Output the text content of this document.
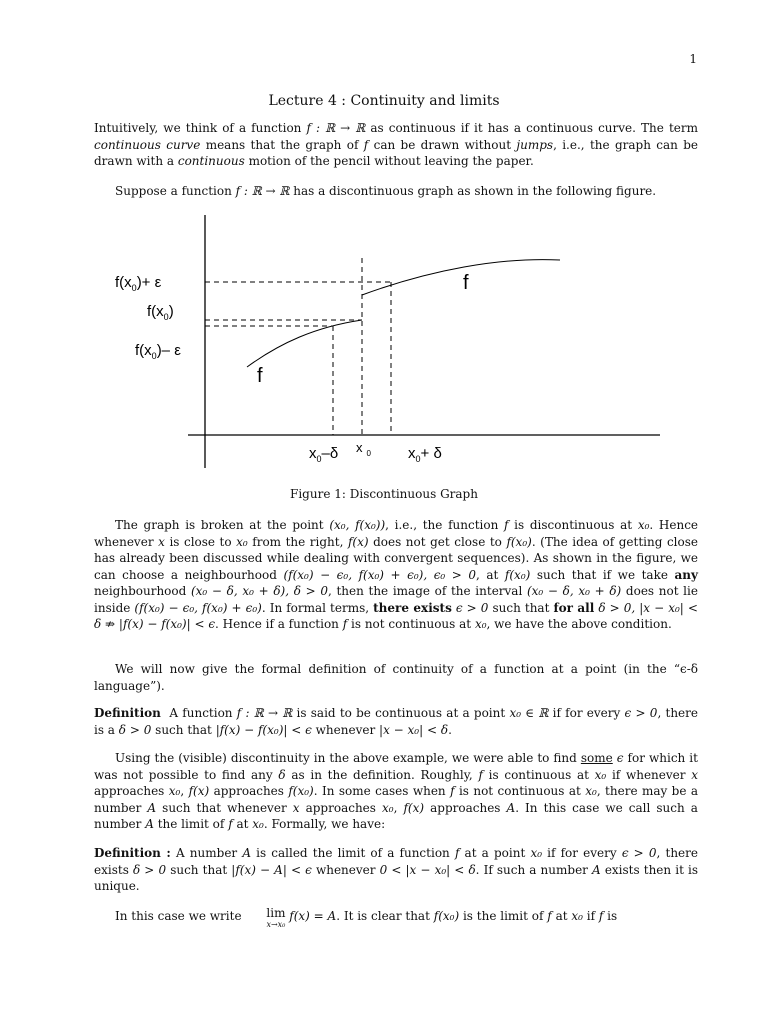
1
Lecture 4 : Continuity and limits
Intuitively, we think of a function f : ℝ → ℝ as continuous if it has a continuous curve. The term continuous curve means that the graph of f can be drawn without jumps, i.e., the graph can be drawn with a continuous motion of the pencil without leaving the paper.
Suppose a function f : ℝ → ℝ has a discontinuous graph as shown in the following figure.
$f(x_0)+ \varepsilon$
$f(x_0)$
$f(x_0)-$ ε
f
f
$x_0-\delta$ x $_0$ $x_0+ \delta$
Figure 1: Discontinuous Graph
The graph is broken at the point (x₀, f(x₀)), i.e., the function f is discontinuous at x₀. Hence whenever x is close to x₀ from the right, f(x) does not get close to f(x₀). (The idea of getting close has already been discussed while dealing with convergent sequences). As shown in the figure, we can choose a neighbourhood (f(x₀) − ϵ₀, f(x₀) + ϵ₀), ϵ₀ > 0, at f(x₀) such that if we take any neighbourhood (x₀ − δ, x₀ + δ), δ > 0, then the image of the interval (x₀ − δ, x₀ + δ) does not lie inside (f(x₀) − ϵ₀, f(x₀) + ϵ₀). In formal terms, there exists ϵ > 0 such that for all δ > 0, |x − x₀| < δ ⇏ |f(x) − f(x₀)| < ϵ. Hence if a function f is not continuous at x₀, we have the above condition.
We will now give the formal definition of continuity of a function at a point (in the “ϵ-δ language”).
Definition A function f : ℝ → ℝ is said to be continuous at a point x₀ ∈ ℝ if for every ϵ > 0, there is a δ > 0 such that |f(x) − f(x₀)| < ϵ whenever |x − x₀| < δ.
Using the (visible) discontinuity in the above example, we were able to find some ϵ for which it was not possible to find any δ as in the definition. Roughly, f is continuous at x₀ if whenever x approaches x₀, f(x) approaches f(x₀). In some cases when f is not continuous at x₀, there may be a number A such that whenever x approaches x₀, f(x) approaches A. In this case we call such a number A the limit of f at x₀. Formally, we have:
Definition : A number A is called the limit of a function f at a point x₀ if for every ϵ > 0, there exists δ > 0 such that |f(x) − A| < ϵ whenever 0 < |x − x₀| < δ. If such a number A exists then it is unique.
In this case we write lim
x→x₀
f(x) = A. It is clear that f(x₀) is the limit of f at x₀ if f is
